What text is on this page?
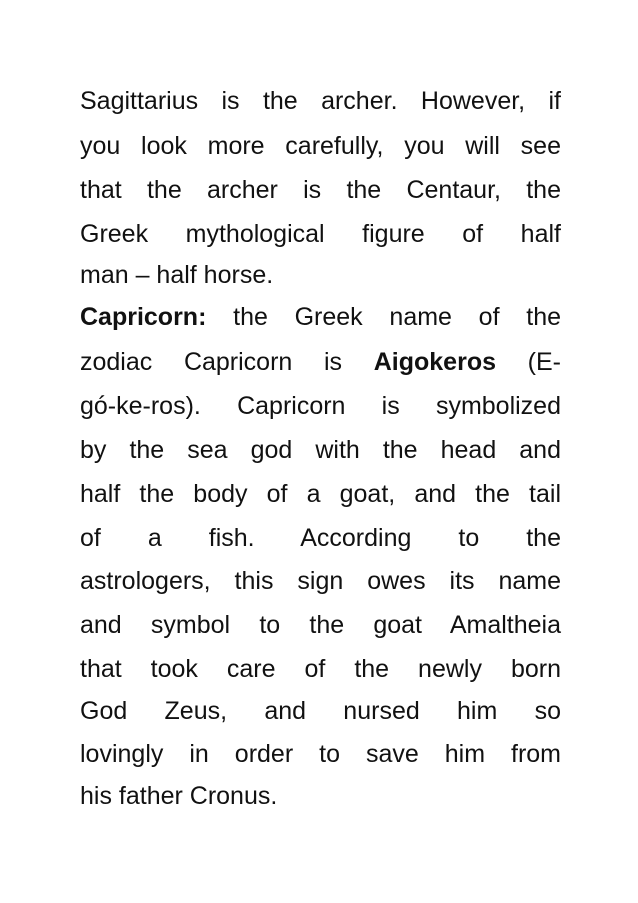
Sagittarius is the archer. However, if
you look more carefully, you will see
that the archer is the Centaur, the
Greek mythological figure of half
man – half horse.
Capricorn: the Greek name of the
zodiac Capricorn is Aigokeros (E-
gó-ke-ros). Capricorn is symbolized
by the sea god with the head and
half the body of a goat, and the tail
of a fish. According to the
astrologers, this sign owes its name
and symbol to the goat Amaltheia
that took care of the newly born
God Zeus, and nursed him so
lovingly in order to save him from
his father Cronus.
